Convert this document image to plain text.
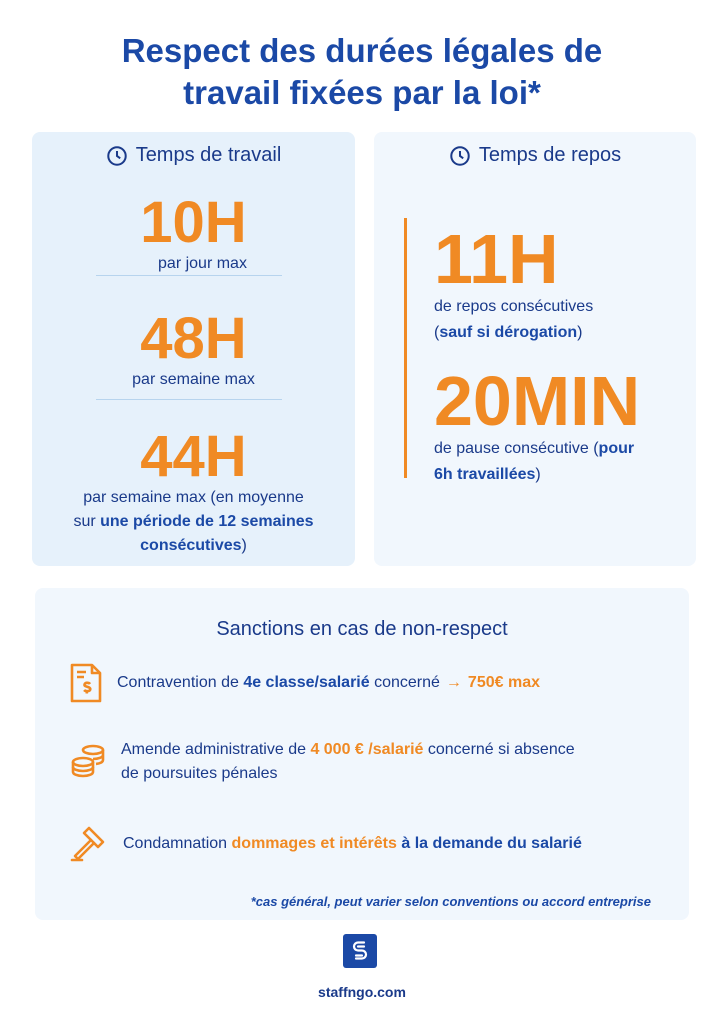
Respect des durées légales de
travail fixées par la loi*
Temps de travail
10H
par jour max
48H
par semaine max
44H
par semaine max (en moyenne
sur une période de 12 semaines
consécutives)
Temps de repos
11H
de repos consécutives
(sauf si dérogation)
20MIN
de pause consécutive (pour
6h travaillées)
Sanctions en cas de non-respect
Contravention de 4e classe/salarié concerné → 750€ max
Amende administrative de 4 000 € /salarié concerné si absence
de poursuites pénales
Condamnation dommages et intérêts à la demande du salarié
*cas général, peut varier selon conventions ou accord entreprise
staffngo.com
